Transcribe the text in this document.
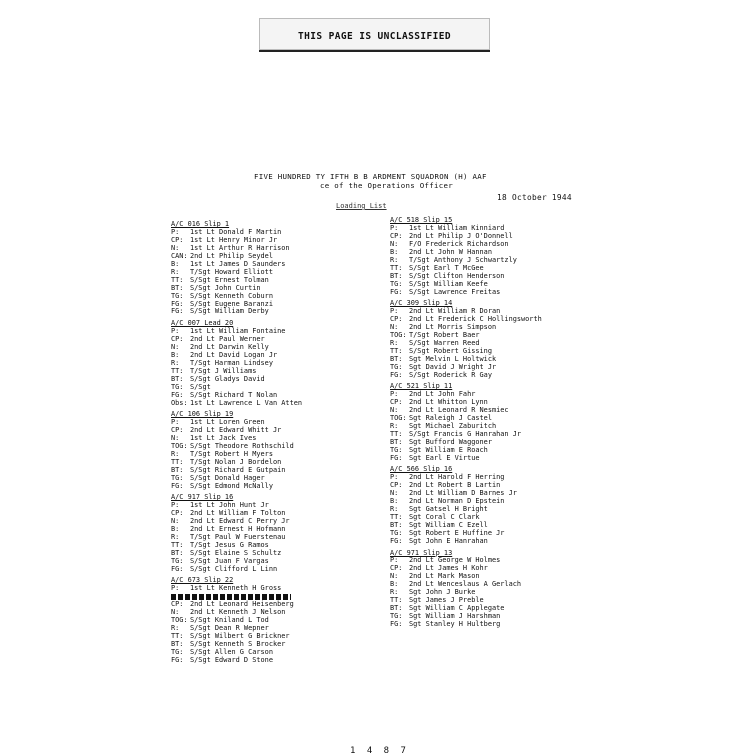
THIS PAGE IS UNCLASSIFIED
FIVE HUNDRED TY IFTH B B ARDMENT SQUADRON (H) AAF
ce of the Operations Officer
18 October 1944
Loading List
A/C 016 Slip 1
P: 1st Lt Donald F Martin
CP: 1st Lt Henry Minor Jr
N: 1st Lt Arthur R Harrison
CAN: 2nd Lt Philip Seydel
B: 1st Lt James D Saunders
R: T/Sgt Howard Elliott
TT: S/Sgt Ernest Tolman
BT: S/Sgt John Curtin
TG: S/Sgt Kenneth Coburn
FG: S/Sgt Eugene Baranzi
FG: S/Sgt William Derby
A/C 007 Lead 20
P: 1st Lt William Fontaine
CP: 2nd Lt Paul Werner
N: 2nd Lt Darwin Kelly
B: 2nd Lt David Logan Jr
R: T/Sgt Harman Lindsey
TT: T/Sgt J Williams
BT: S/Sgt Gladys David
TG: S/Sgt
FG: S/Sgt Richard T Nolan
Obs: 1st Lt Lawrence L Van Atten
A/C 106 Slip 19
P: 1st Lt Loren Green
CP: 2nd Lt Edward Whitt Jr
N: 1st Lt Jack Ives
TOG: S/Sgt Theodore Rothschild
R: T/Sgt Robert H Myers
TT: T/Sgt Nolan J Bordelon
BT: S/Sgt Richard E Gutpain
TG: S/Sgt Donald Hager
FG: S/Sgt Edmond McNally
A/C 917 Slip 16
P: 1st Lt John Hunt Jr
CP: 2nd Lt William F Tolton
N: 2nd Lt Edward C Perry Jr
B: 2nd Lt Ernest H Hofmann
R: T/Sgt Paul W Fuerstenau
TT: T/Sgt Jesus G Ramos
BT: S/Sgt Elaine S Schultz
TG: S/Sgt Juan F Vargas
FG: S/Sgt Clifford L Linn
A/C 673 Slip 22
P: 1st Lt Kenneth H Gross
CP: 2nd Lt Leonard Heisenberg
N: 2nd Lt Kenneth J Nelson
TOG: S/Sgt Kniland L Tod
R: S/Sgt Dean R Wepner
TT: S/Sgt Wilbert G Brickner
BT: S/Sgt Kenneth S Brocker
TG: S/Sgt Allen G Carson
FG: S/Sgt Edward D Stone
A/C 518 Slip 15
P: 1st Lt William Kinniard
CP: 2nd Lt Philip J O'Donnell
N: F/O Frederick Richardson
B: 2nd Lt John W Hannan
R: T/Sgt Anthony J Schwartzly
TT: S/Sgt Earl T McGee
BT: S/Sgt Clifton Henderson
TG: S/Sgt William Keefe
FG: S/Sgt Lawrence Freitas
A/C 309 Slip 14
P: 2nd Lt William R Doran
CP: 2nd Lt Frederick C Hollingsworth
N: 2nd Lt Morris Simpson
TOG: T/Sgt Robert Baer
R: S/Sgt Warren Reed
TT: S/Sgt Robert Gissing
BT: Sgt Melvin L Holtwick
TG: Sgt David J Wright Jr
FG: S/Sgt Roderick R Gay
A/C 521 Slip 11
P: 2nd Lt John Fahr
CP: 2nd Lt Whitton Lynn
N: 2nd Lt Leonard R Nesmiec
TOG: Sgt Raleigh J Castel
R: Sgt Michael Zaburitch
TT: S/Sgt Francis G Hanrahan Jr
BT: Sgt Bufford Waggoner
TG: Sgt William E Roach
FG: Sgt Earl E Virtue
A/C 566 Slip 16
P: 2nd Lt Harold F Herring
CP: 2nd Lt Robert B Lartin
N: 2nd Lt William D Barnes Jr
B: 2nd Lt Norman D Epstein
R: Sgt Gatsel H Bright
TT: Sgt Coral C Clark
BT: Sgt William C Ezell
TG: Sgt Robert E Huffine Jr
FG: Sgt John E Hanrahan
A/C 971 Slip 13
P: 2nd Lt George W Holmes
CP: 2nd Lt James H Kohr
N: 2nd Lt Mark Mason
B: 2nd Lt Wenceslaus A Gerlach
R: Sgt John J Burke
TT: Sgt James J Preble
BT: Sgt William C Applegate
TG: Sgt William J Harshman
FG: Sgt Stanley H Hultberg
1 4 8 7
